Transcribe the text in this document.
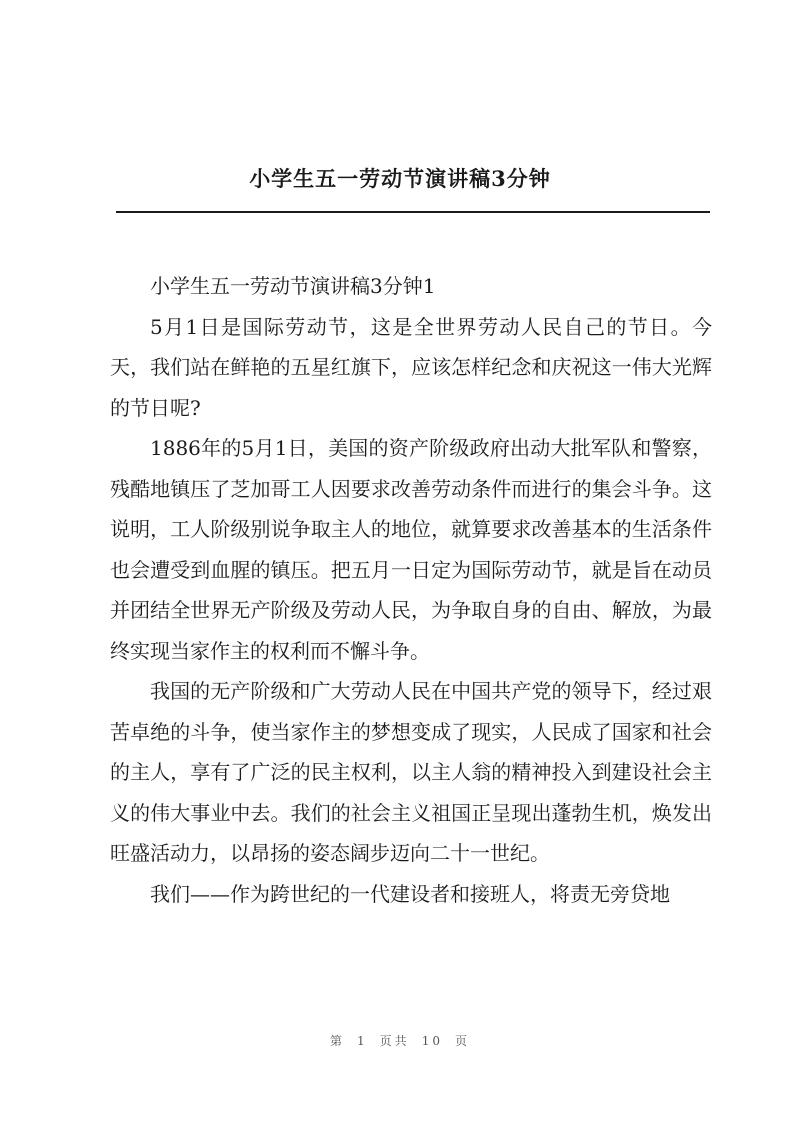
小学生五一劳动节演讲稿3分钟

小学生五一劳动节演讲稿3分钟1

5月1日是国际劳动节，这是全世界劳动人民自己的节日。今天，我们站在鲜艳的五星红旗下，应该怎样纪念和庆祝这一伟大光辉的节日呢?

1886年的5月1日，美国的资产阶级政府出动大批军队和警察，残酷地镇压了芝加哥工人因要求改善劳动条件而进行的集会斗争。这说明，工人阶级别说争取主人的地位，就算要求改善基本的生活条件也会遭受到血腥的镇压。把五月一日定为国际劳动节，就是旨在动员并团结全世界无产阶级及劳动人民，为争取自身的自由、解放，为最终实现当家作主的权利而不懈斗争。

我国的无产阶级和广大劳动人民在中国共产党的领导下，经过艰苦卓绝的斗争，使当家作主的梦想变成了现实，人民成了国家和社会的主人，享有了广泛的民主权利，以主人翁的精神投入到建设社会主义的伟大事业中去。我们的社会主义祖国正呈现出蓬勃生机，焕发出旺盛活动力，以昂扬的姿态阔步迈向二十一世纪。

我们——作为跨世纪的一代建设者和接班人，将责无旁贷地

第 1 页共 10 页
